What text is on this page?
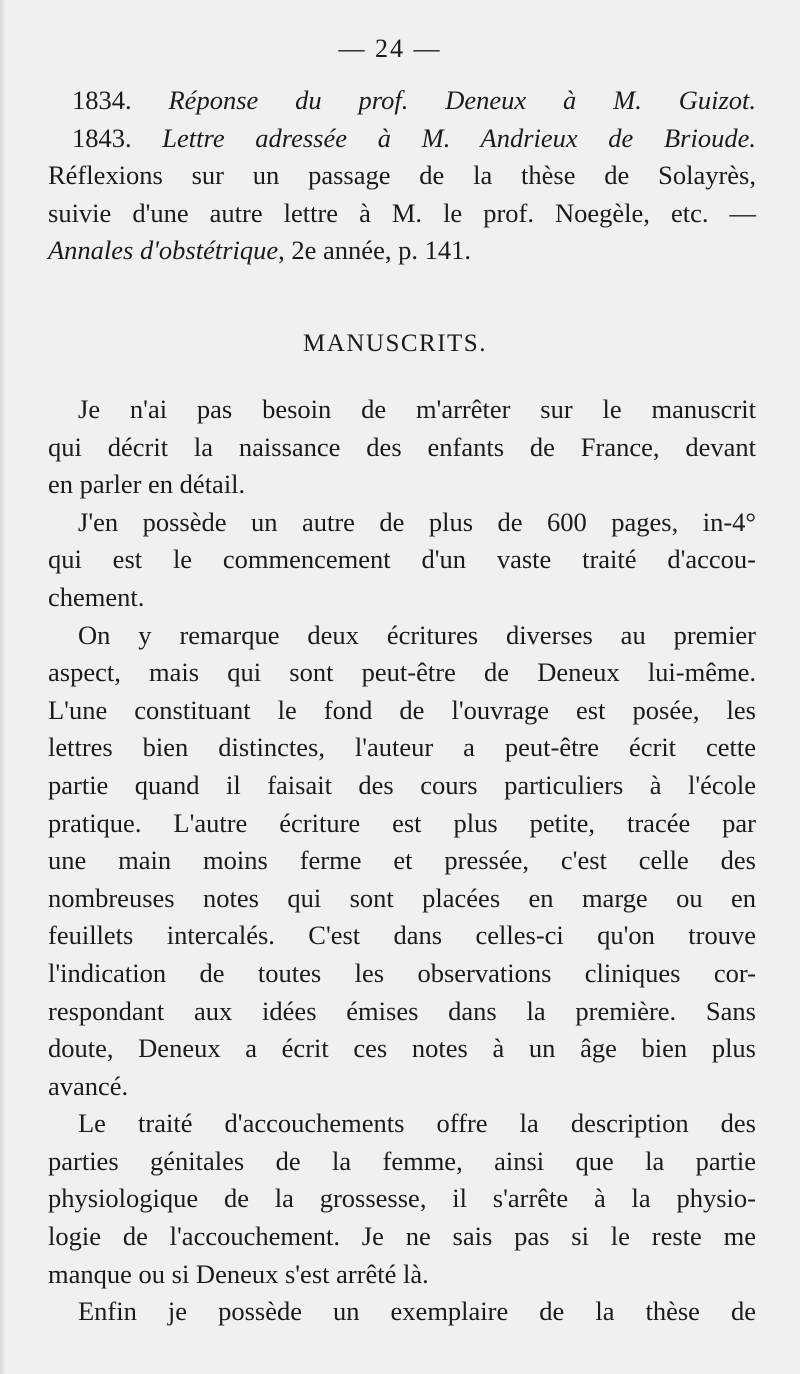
— 24 —
1834. Réponse du prof. Deneux à M. Guizot.
1843. Lettre adressée à M. Andrieux de Brioude.
Réflexions sur un passage de la thèse de Solayrès,
suivie d'une autre lettre à M. le prof. Noegèle, etc. —
Annales d'obstétrique, 2e année, p. 141.
MANUSCRITS.
Je n'ai pas besoin de m'arrêter sur le manuscrit
qui décrit la naissance des enfants de France, devant
en parler en détail.
J'en possède un autre de plus de 600 pages, in-4°
qui est le commencement d'un vaste traité d'accou-
chement.
On y remarque deux écritures diverses au premier
aspect, mais qui sont peut-être de Deneux lui-même.
L'une constituant le fond de l'ouvrage est posée, les
lettres bien distinctes, l'auteur a peut-être écrit cette
partie quand il faisait des cours particuliers à l'école
pratique. L'autre écriture est plus petite, tracée par
une main moins ferme et pressée, c'est celle des
nombreuses notes qui sont placées en marge ou en
feuillets intercalés. C'est dans celles-ci qu'on trouve
l'indication de toutes les observations cliniques cor-
respondant aux idées émises dans la première. Sans
doute, Deneux a écrit ces notes à un âge bien plus
avancé.
Le traité d'accouchements offre la description des
parties génitales de la femme, ainsi que la partie
physiologique de la grossesse, il s'arrête à la physio-
logie de l'accouchement. Je ne sais pas si le reste me
manque ou si Deneux s'est arrêté là.
Enfin je possède un exemplaire de la thèse de
